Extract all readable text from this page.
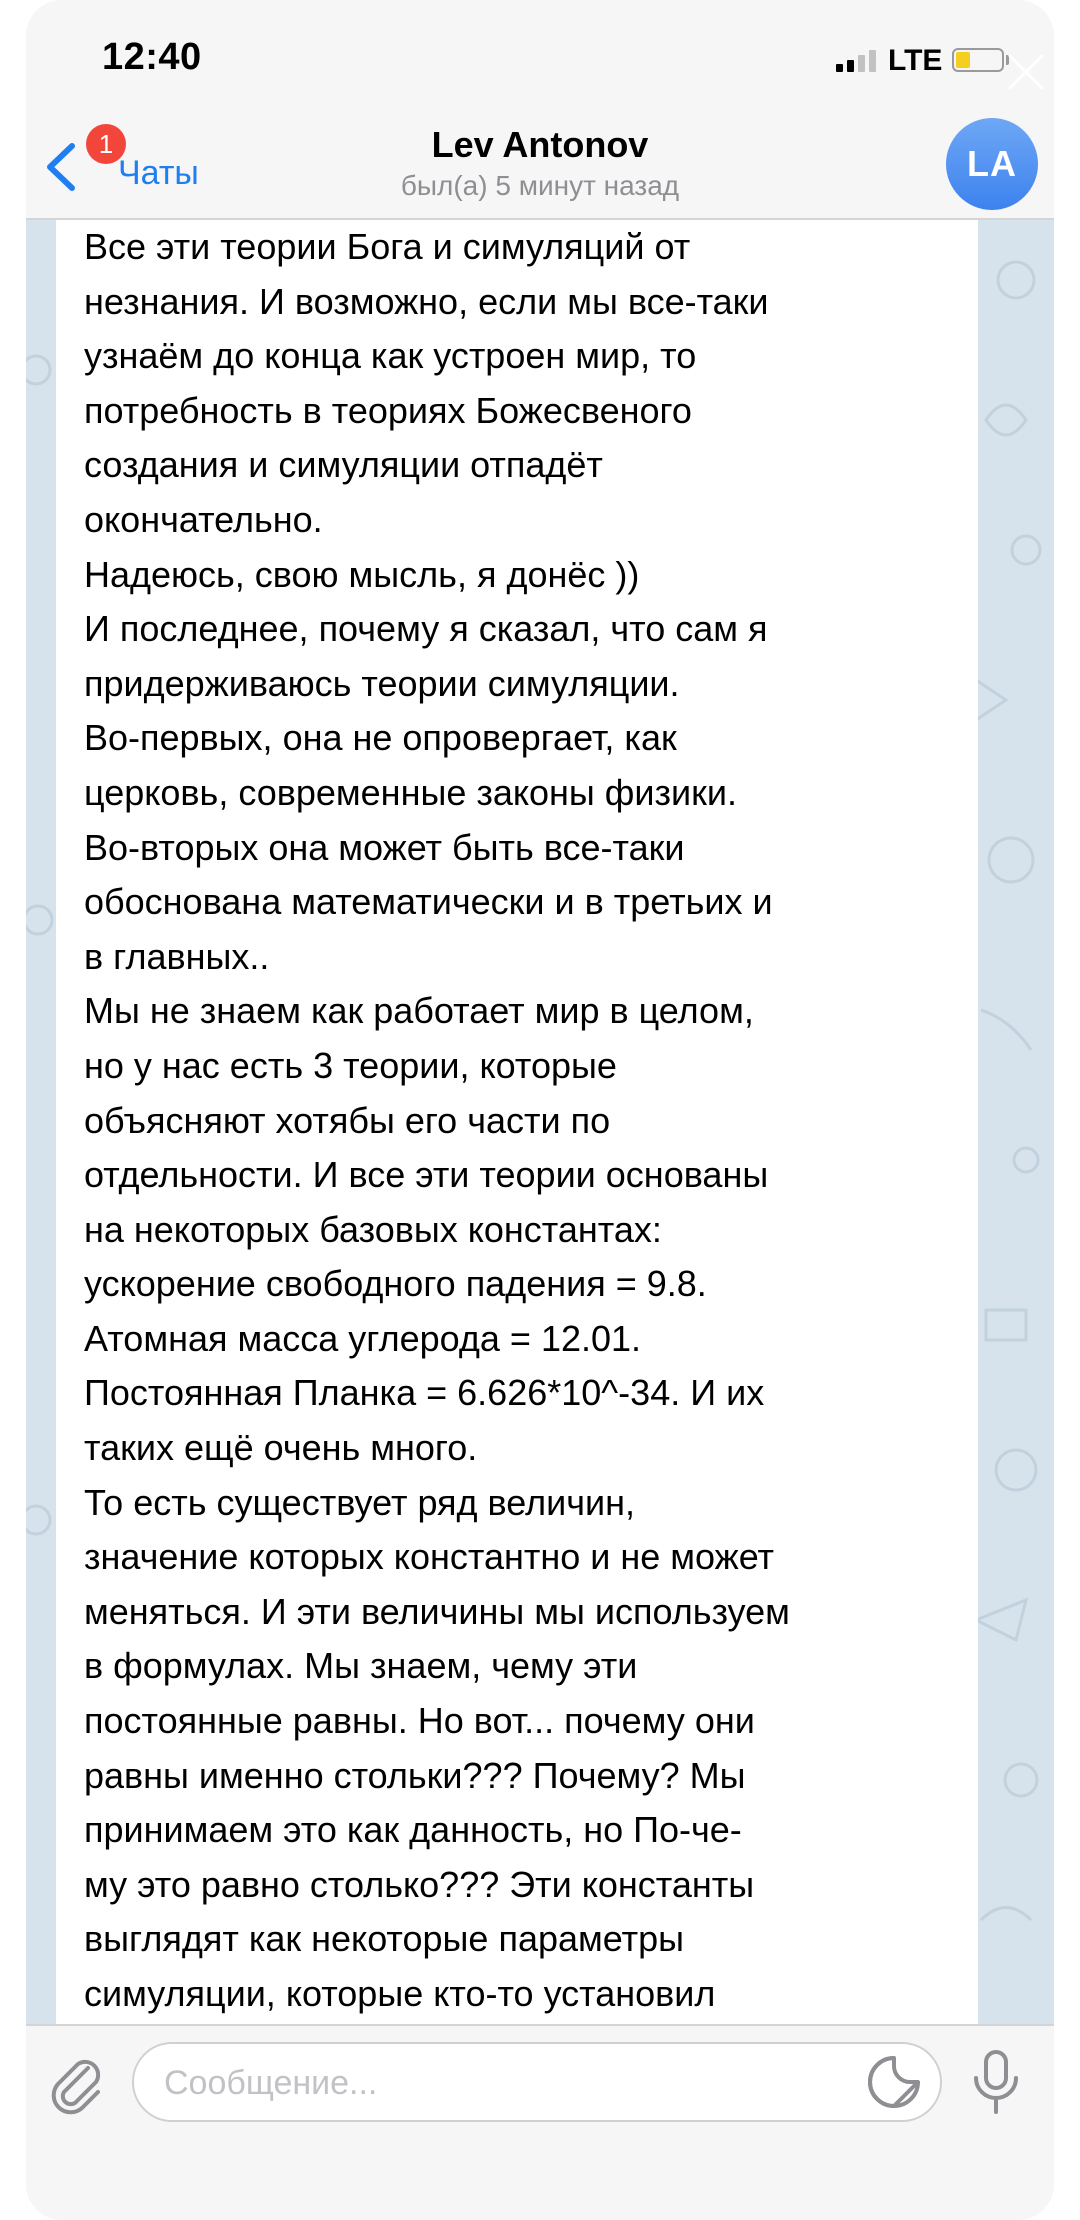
12:40	LTE
1
Чаты
Lev Antonov
был(а) 5 минут назад
LA
Все эти теории Бога и симуляций от
незнания. И возможно, если мы все-таки
узнаём до конца как устроен мир, то
потребность в теориях Божесвеного
создания и симуляции отпадёт
окончательно.
Надеюсь, свою мысль, я донёс ))
И последнее, почему я сказал, что сам я
придерживаюсь теории симуляции.
Во-первых, она не опровергает, как
церковь, современные законы физики.
Во-вторых она может быть все-таки
обоснована математически и в третьих и
в главных..
Мы не знаем как работает мир в целом,
но у нас есть 3 теории, которые
объясняют хотябы его части по
отдельности. И все эти теории основаны
на некоторых базовых константах:
ускорение свободного падения = 9.8.
Атомная масса углерода = 12.01.
Постоянная Планка = 6.626*10^-34. И их
таких ещё очень много.
То есть существует ряд величин,
значение которых константно и не может
меняться. И эти величины мы используем
в формулах. Мы знаем, чему эти
постоянные равны. Но вот... почему они
равны именно стольки??? Почему? Мы
принимаем это как данность, но По-че-
му это равно столько??? Эти константы
выглядят как некоторые параметры
симуляции, которые кто-то установил
Сообщение...
